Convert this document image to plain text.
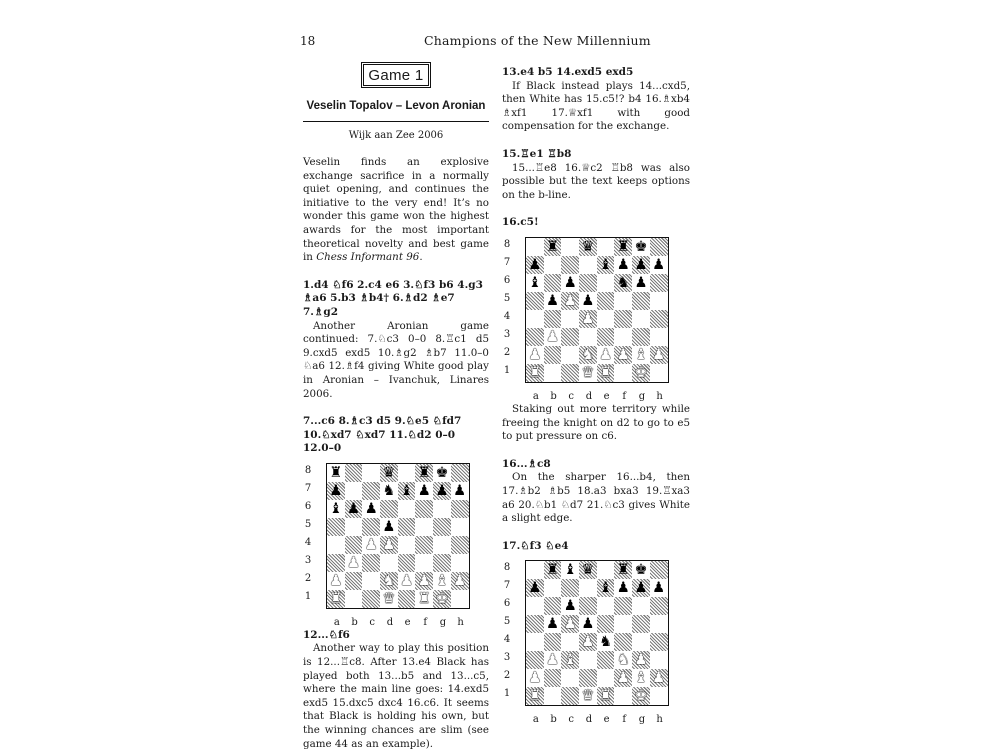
18	Champions of the New Millennium
Game 1
Veselin Topalov – Levon Aronian
Wijk aan Zee 2006

Veselin finds an explosive exchange sacrifice in a normally quiet opening, and continues the initiative to the very end! It’s no wonder this game won the highest awards for the most important theoretical novelty and best game in Chess Informant 96.

1.d4 ♘f6 2.c4 e6 3.♘f3 b6 4.g3 ♗a6 5.b3 ♗b4† 6.♗d2 ♗e7 7.♗g2

Another Aronian game continued: 7.♘c3 0–0 8.♖c1 d5 9.cxd5 exd5 10.♗g2 ♗b7 11.0–0 ♘a6 12.♗f4 giving White good play in Aronian – Ivanchuk, Linares 2006.

7...c6 8.♗c3 d5 9.♘e5 ♘fd7 10.♘xd7 ♘xd7 11.♘d2 0–0 12.0–0

8
7
6
5
4
3
2
1
♜	♛ ♜ ♚
♟	♞ ♝ ♟ ♟ ♟
♝ ♟ ♟
♟
♟ ♟
♟
♟	♞ ♟ ♟ ♝ ♟
♜	♛ ♜ ♚
a	b	c	d	e	f	g	h

12...♘f6

Another way to play this position is 12...♖c8. After 13.e4 Black has played both 13...b5 and 13...c5, where the main line goes: 14.exd5 exd5 15.dxc5 dxc4 16.c6. It seems that Black is holding his own, but the winning chances are slim (see game 44 as an example).

13.e4 b5 14.exd5 exd5

If Black instead plays 14...cxd5, then White has 15.c5!? b4 16.♗xb4 ♗xf1 17.♕xf1 with good compensation for the exchange.

15.♖e1 ♖b8

15...♖e8 16.♕c2 ♖b8 was also possible but the text keeps options on the b-line.

16.c5!

8
7
6
5
4
3
2
1
♜ ♛ ♜ ♚
♟	♝ ♟ ♟ ♟
♝ ♟	♞ ♟
♟ ♟ ♟
♟
♟
♟	♞ ♟ ♟ ♝ ♟
♜	♛ ♜ ♚
a	b	c	d	e	f	g	h

Staking out more territory while freeing the knight on d2 to go to e5 to put pressure on c6.

16...♗c8

On the sharper 16...b4, then 17.♗b2 ♗b5 18.a3 bxa3 19.♖xa3 a6 20.♘b1 ♘d7 21.♘c3 gives White a slight edge.

17.♘f3 ♘e4

8
7
6
5
4
3
2
1
♜ ♝ ♛ ♜ ♚
♟	♝ ♟ ♟ ♟
♟
♟ ♟ ♟
♟ ♞
♟ ♝	♞ ♟
♟	♟ ♝ ♟
♜	♛ ♜ ♚
a	b	c	d	e	f	g	h
